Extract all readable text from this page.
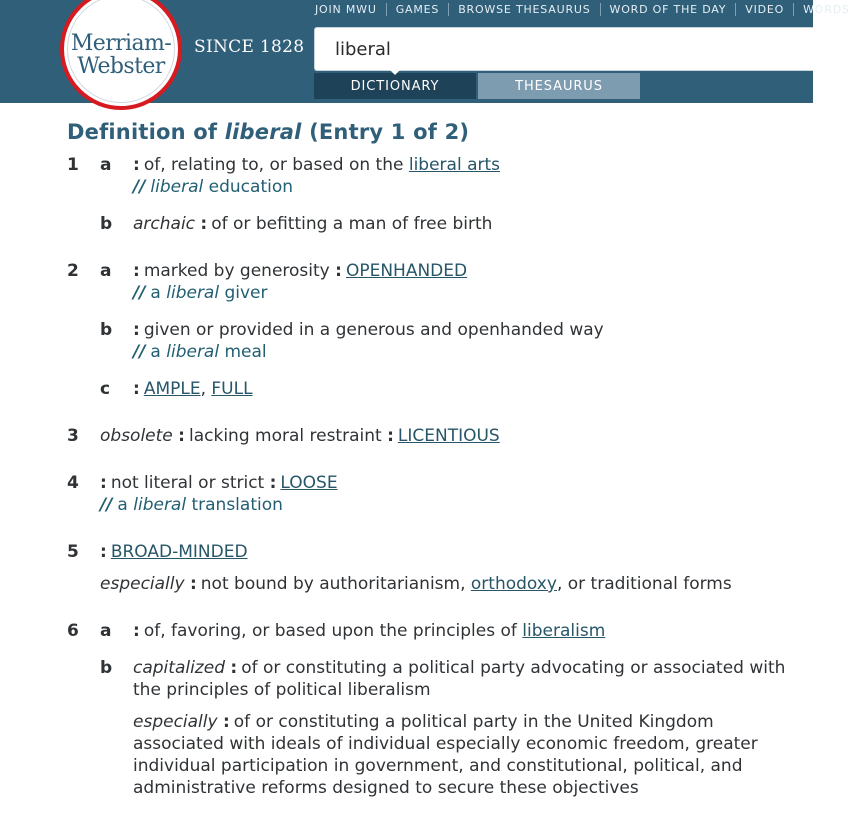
JOIN MWU	GAMES	BROWSE THESAURUS	WORD OF THE DAY	VIDEO	WORDS
Merriam-
Webster
SINCE 1828
liberal
DICTIONARY	THESAURUS
Definition of liberal (Entry 1 of 2)
1 a : of, relating to, or based on the liberal arts
// liberal education
b archaic : of or befitting a man of free birth
2 a : marked by generosity : OPENHANDED
// a liberal giver
b : given or provided in a generous and openhanded way
// a liberal meal
c : AMPLE, FULL
3 obsolete : lacking moral restraint : LICENTIOUS
4 : not literal or strict : LOOSE
// a liberal translation
5 : BROAD-MINDED
especially : not bound by authoritarianism, orthodoxy, or traditional forms
6 a : of, favoring, or based upon the principles of liberalism
b capitalized : of or constituting a political party advocating or associated with the principles of political liberalism
especially : of or constituting a political party in the United Kingdom associated with ideals of individual especially economic freedom, greater individual participation in government, and constitutional, political, and administrative reforms designed to secure these objectives
